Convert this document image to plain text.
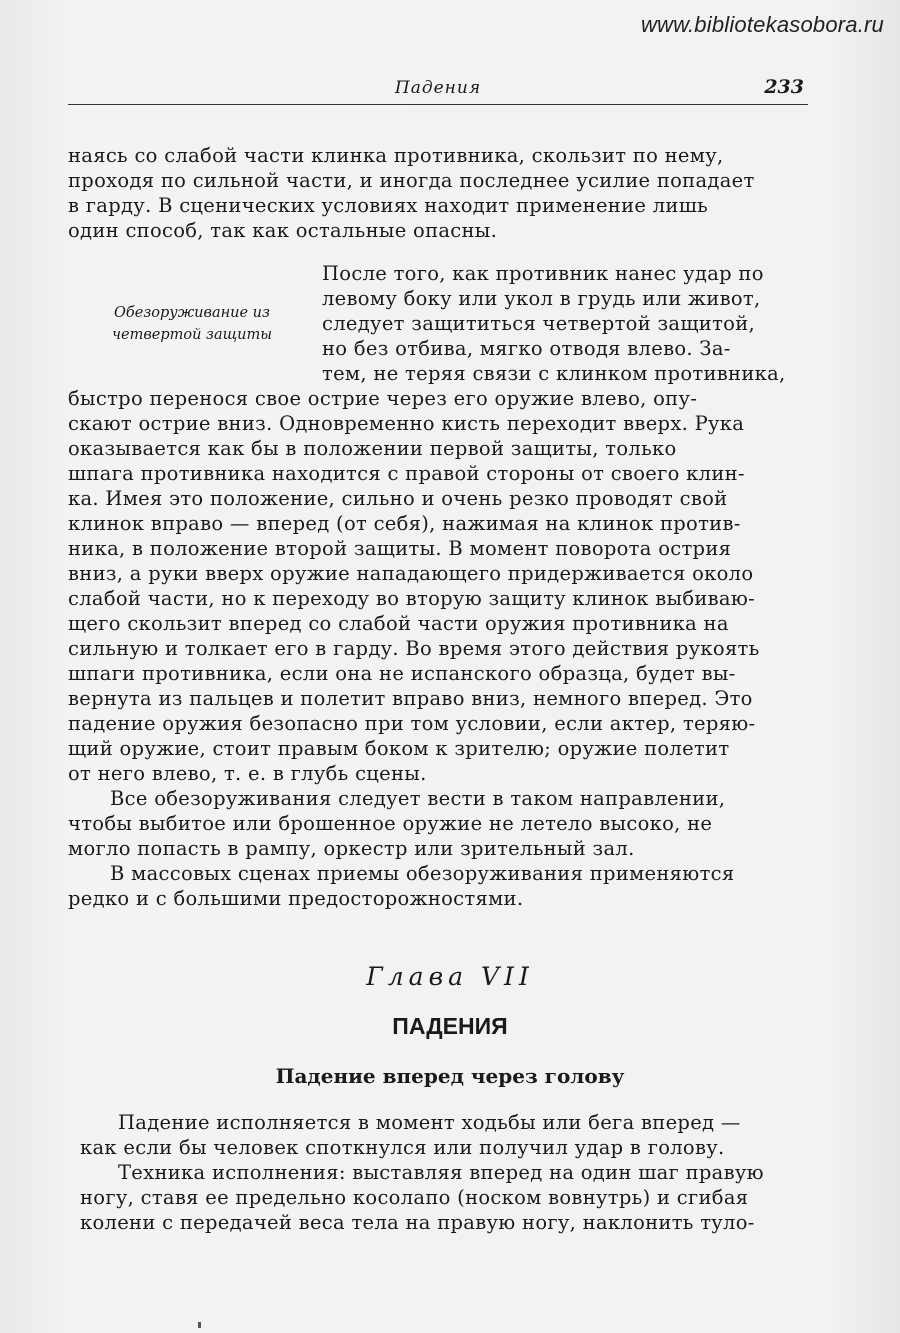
www.bibliotekasobora.ru
Падения	233
наясь со слабой части клинка противника, скользит по нему,
проходя по сильной части, и иногда последнее усилие попадает
в гарду. В сценических условиях находит применение лишь
один способ, так как остальные опасны.
Обезоруживание из
четвертой защиты
После того, как противник нанес удар по
левому боку или укол в грудь или живот,
следует защититься четвертой защитой,
но без отбива, мягко отводя влево. За-
тем, не теряя связи с клинком противника,
быстро перенося свое острие через его оружие влево, опу-
скают острие вниз. Одновременно кисть переходит вверх. Рука
оказывается как бы в положении первой защиты, только
шпага противника находится с правой стороны от своего клин-
ка. Имея это положение, сильно и очень резко проводят свой
клинок вправо — вперед (от себя), нажимая на клинок против-
ника, в положение второй защиты. В момент поворота острия
вниз, а руки вверх оружие нападающего придерживается около
слабой части, но к переходу во вторую защиту клинок выбиваю-
щего скользит вперед со слабой части оружия противника на
сильную и толкает его в гарду. Во время этого действия рукоять
шпаги противника, если она не испанского образца, будет вы-
вернута из пальцев и полетит вправо вниз, немного вперед. Это
падение оружия безопасно при том условии, если актер, теряю-
щий оружие, стоит правым боком к зрителю; оружие полетит
от него влево, т. е. в глубь сцены.
Все обезоруживания следует вести в таком направлении,
чтобы выбитое или брошенное оружие не летело высоко, не
могло попасть в рампу, оркестр или зрительный зал.
В массовых сценах приемы обезоруживания применяются
редко и с большими предосторожностями.
Глава VII
ПАДЕНИЯ
Падение вперед через голову
Падение исполняется в момент ходьбы или бега вперед —
как если бы человек споткнулся или получил удар в голову.
Техника исполнения: выставляя вперед на один шаг правую
ногу, ставя ее предельно косолапо (носком вовнутрь) и сгибая
колени с передачей веса тела на правую ногу, наклонить туло-
